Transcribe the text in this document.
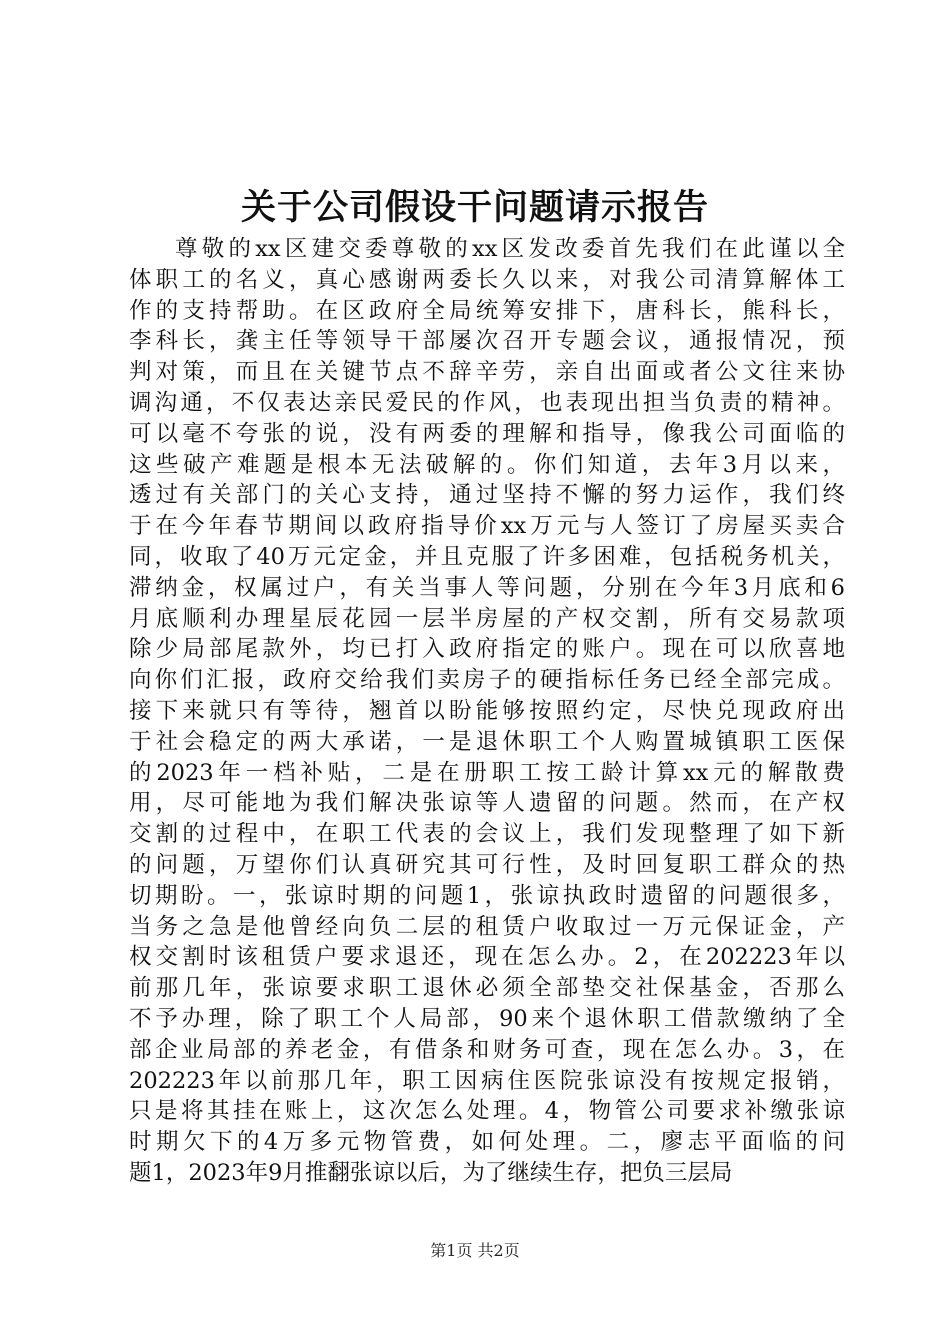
关于公司假设干问题请示报告
尊敬的xx区建交委尊敬的xx区发改委首先我们在此谨以全
体职工的名义，真心感谢两委长久以来，对我公司清算解体工
作的支持帮助。在区政府全局统筹安排下，唐科长，熊科长，
李科长，龚主任等领导干部屡次召开专题会议，通报情况，预
判对策，而且在关键节点不辞辛劳，亲自出面或者公文往来协
调沟通，不仅表达亲民爱民的作风，也表现出担当负责的精神。
可以毫不夸张的说，没有两委的理解和指导，像我公司面临的
这些破产难题是根本无法破解的。你们知道，去年3月以来，
透过有关部门的关心支持，通过坚持不懈的努力运作，我们终
于在今年春节期间以政府指导价xx万元与人签订了房屋买卖合
同，收取了40万元定金，并且克服了许多困难，包括税务机关，
滞纳金，权属过户，有关当事人等问题，分别在今年3月底和6
月底顺利办理星辰花园一层半房屋的产权交割，所有交易款项
除少局部尾款外，均已打入政府指定的账户。现在可以欣喜地
向你们汇报，政府交给我们卖房子的硬指标任务已经全部完成。
接下来就只有等待，翘首以盼能够按照约定，尽快兑现政府出
于社会稳定的两大承诺，一是退休职工个人购置城镇职工医保
的2023年一档补贴，二是在册职工按工龄计算xx元的解散费
用，尽可能地为我们解决张谅等人遗留的问题。然而，在产权
交割的过程中，在职工代表的会议上，我们发现整理了如下新
的问题，万望你们认真研究其可行性，及时回复职工群众的热
切期盼。一，张谅时期的问题1，张谅执政时遗留的问题很多，
当务之急是他曾经向负二层的租赁户收取过一万元保证金，产
权交割时该租赁户要求退还，现在怎么办。2，在202223年以
前那几年，张谅要求职工退休必须全部垫交社保基金，否那么
不予办理，除了职工个人局部，90来个退休职工借款缴纳了全
部企业局部的养老金，有借条和财务可查，现在怎么办。3，在
202223年以前那几年，职工因病住医院张谅没有按规定报销，
只是将其挂在账上，这次怎么处理。4，物管公司要求补缴张谅
时期欠下的4万多元物管费，如何处理。二，廖志平面临的问
题1，2023年9月推翻张谅以后，为了继续生存，把负三层局
第1页 共2页
